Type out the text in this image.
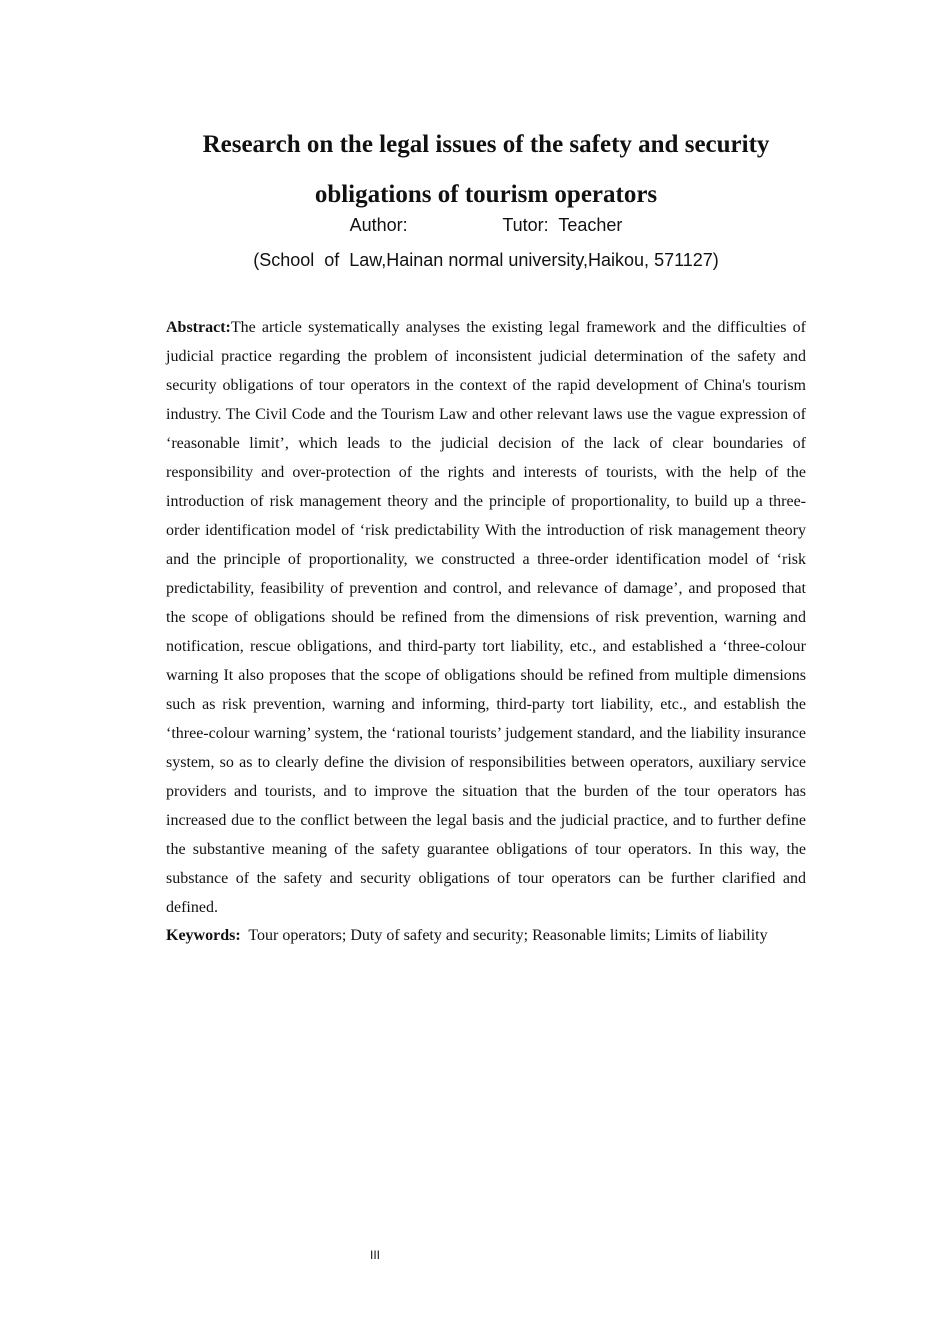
Research on the legal issues of the safety and security obligations of tourism operators
Author:	Tutor: Teacher
(School  of  Law,Hainan normal university,Haikou, 571127)

Abstract:The article systematically analyses the existing legal framework and the difficulties of judicial practice regarding the problem of inconsistent judicial determination of the safety and security obligations of tour operators in the context of the rapid development of China's tourism industry. The Civil Code and the Tourism Law and other relevant laws use the vague expression of ‘reasonable limit’, which leads to the judicial decision of the lack of clear boundaries of responsibility and over-protection of the rights and interests of tourists, with the help of the introduction of risk management theory and the principle of proportionality, to build up a three-order identification model of ‘risk predictability With the introduction of risk management theory and the principle of proportionality, we constructed a three-order identification model of ‘risk predictability, feasibility of prevention and control, and relevance of damage’, and proposed that the scope of obligations should be refined from the dimensions of risk prevention, warning and notification, rescue obligations, and third-party tort liability, etc., and established a ‘three-colour warning It also proposes that the scope of obligations should be refined from multiple dimensions such as risk prevention, warning and informing, third-party tort liability, etc., and establish the ‘three-colour warning’ system, the ‘rational tourists’ judgement standard, and the liability insurance system, so as to clearly define the division of responsibilities between operators, auxiliary service providers and tourists, and to improve the situation that the burden of the tour operators has increased due to the conflict between the legal basis and the judicial practice, and to further define the substantive meaning of the safety guarantee obligations of tour operators. In this way, the substance of the safety and security obligations of tour operators can be further clarified and defined.

Keywords: Tour operators; Duty of safety and security; Reasonable limits; Limits of liability

III
